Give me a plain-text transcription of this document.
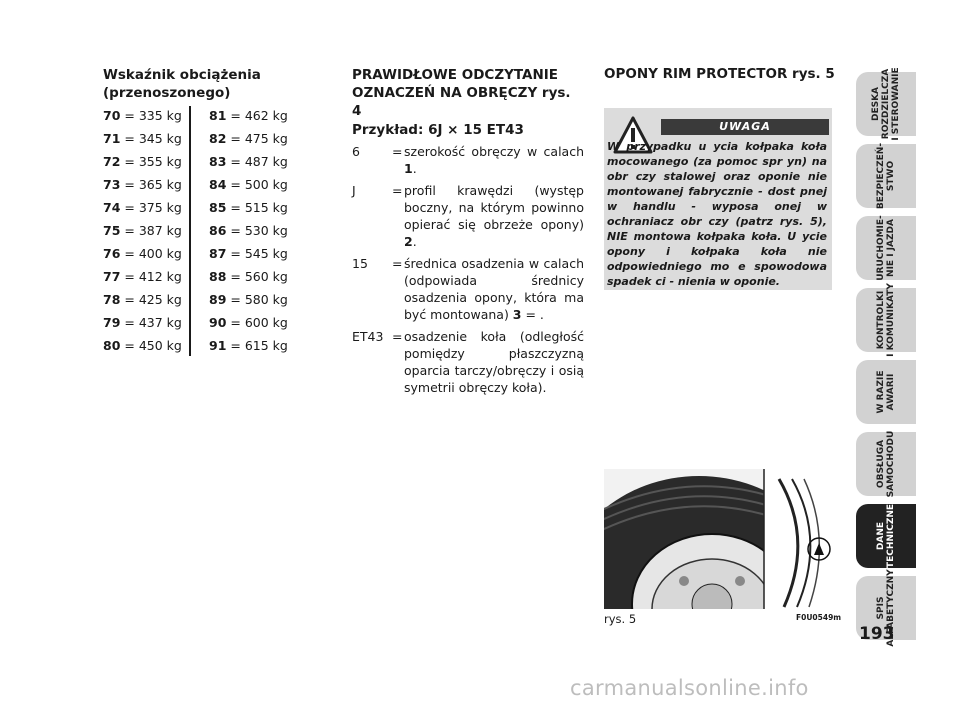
Wskaźnik obciążenia (przenoszonego)
70 = 335 kg	81 = 462 kg
71 = 345 kg	82 = 475 kg
72 = 355 kg	83 = 487 kg
73 = 365 kg	84 = 500 kg
74 = 375 kg	85 = 515 kg
75 = 387 kg	86 = 530 kg
76 = 400 kg	87 = 545 kg
77 = 412 kg	88 = 560 kg
78 = 425 kg	89 = 580 kg
79 = 437 kg	90 = 600 kg
80 = 450 kg	91 = 615 kg
PRAWIDŁOWE ODCZYTANIE OZNACZEŃ NA OBRĘCZY rys. 4
Przykład: 6J × 15 ET43
6	= szerokość obręczy w calach 1.
J	= profil krawędzi (występ boczny, na którym powinno opierać się obrzeże opony) 2.
15	= średnica osadzenia w calach (odpowiada średnicy osadzenia opony, która ma być montowana) 3 = .
ET43 = osadzenie koła (odległość pomiędzy płaszczyzną oparcia tarczy/obręczy i osią symetrii obręczy koła).
OPONY RIM PROTECTOR rys. 5
UWAGA
W przypadku u ycia kołpaka koła mocowanego (za pomoc spr yn) na obr czy stalowej oraz oponie nie montowanej fabrycznie - dost pnej w handlu - wyposa onej w ochraniacz obr czy (patrz rys. 5), NIE montowa kołpaka koła. U ycie opony i kołpaka koła nie odpowiedniego mo e spowodowa spadek ci - nienia w oponie.
rys. 5	F0U0549m
DESKA
ROZDZIELCZA
I STEROWANIE
BEZPIECZEŃ-
STWO
URUCHOMIE-
NIE I JAZDA
KONTROLKI
I KOMUNIKATY
W RAZIE
AWARII
OBSŁUGA
SAMOCHODU
DANE
TECHNICZNE
SPIS
ALFABETYCZNY
193
carmanualsonline.info
